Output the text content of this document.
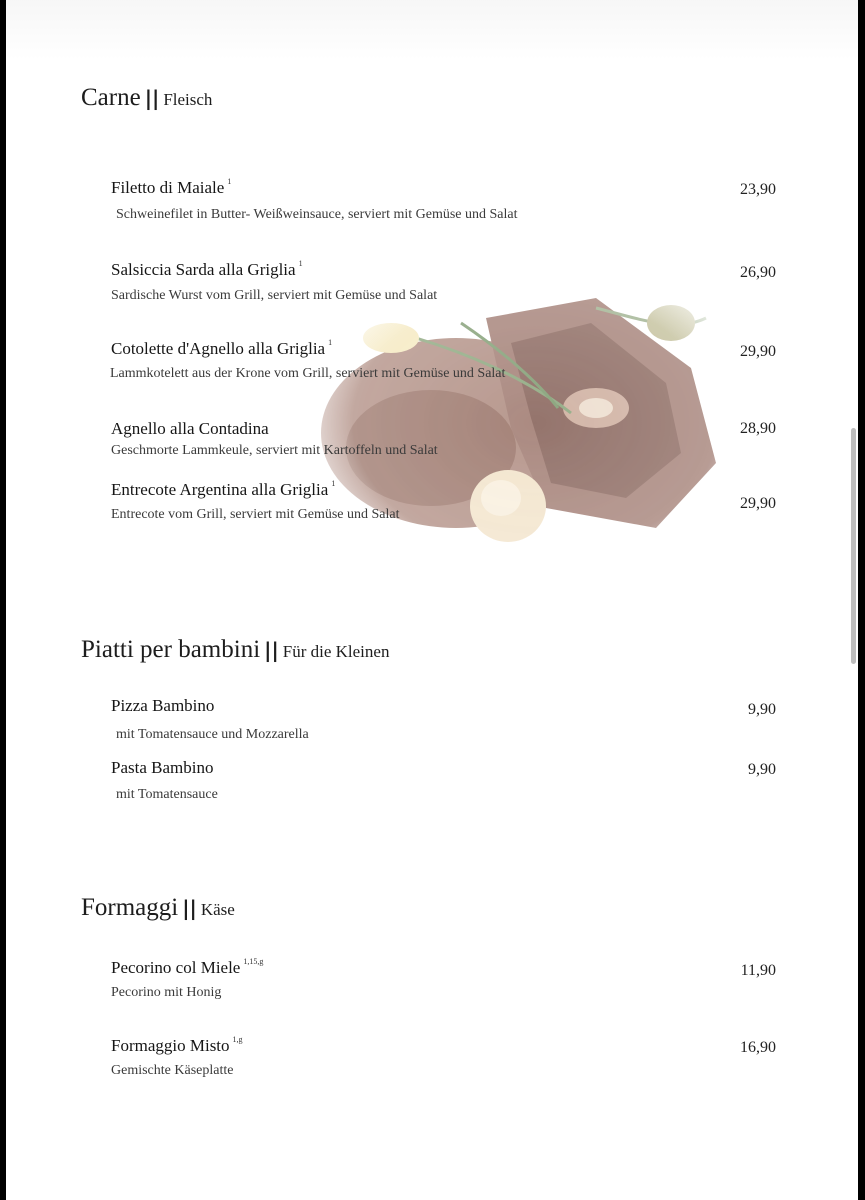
Carne || Fleisch
Filetto di Maiale $^1$
Schweinefilet in Butter- Weißweinsauce, serviert mit Gemüse und Salat
23,90
Salsiccia Sarda alla Griglia $^1$
Sardische Wurst vom Grill, serviert mit Gemüse und Salat
26,90
Cotolette d'Agnello alla Griglia $^1$
Lammkotelett aus der Krone vom Grill, serviert mit Gemüse und Salat
29,90
Agnello alla Contadina
Geschmorte Lammkeule, serviert mit Kartoffeln und Salat
28,90
Entrecote Argentina alla Griglia $^1$
Entrecote vom Grill, serviert mit Gemüse und Salat
29,90
Piatti per bambini || Für die Kleinen
Pizza Bambino
mit Tomatensauce und Mozzarella
9,90
Pasta Bambino
mit Tomatensauce
9,90
Formaggi || Käse
Pecorino col Miele $^{1,15,g}$
Pecorino mit Honig
11,90
Formaggio Misto $^{1,g}$
Gemischte Käseplatte
16,90
